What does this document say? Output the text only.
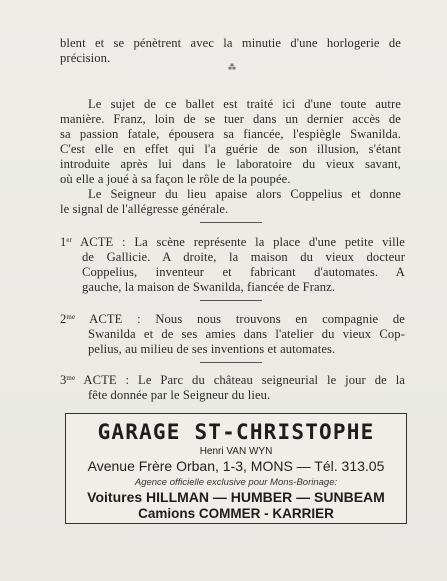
blent et se pénètrent avec la minutie d'une horlogerie de
précision.
⁂
Le sujet de ce ballet est traité ici d'une toute autre
manière. Franz, loin de se tuer dans un dernier accès de
sa passion fatale, épousera sa fiancée, l'espiègle Swanilda.
C'est elle en effet qui l'a guérie de son illusion, s'étant
introduite après lui dans le laboratoire du vieux savant,
où elle a joué à sa façon le rôle de la poupée.
Le Seigneur du lieu apaise alors Coppelius et donne
le signal de l'allégresse générale.
1er ACTE : La scène représente la place d'une petite ville
de Gallicie. A droite, la maison du vieux docteur
Coppelius, inventeur et fabricant d'automates. A
gauche, la maison de Swanilda, fiancée de Franz.
$2^{me}$ ACTE : Nous nous trouvons en compagnie de
Swanilda et de ses amies dans l'atelier du vieux Cop-
pelius, au milieu de ses inventions et automates.
$3^{me}$ ACTE : Le Parc du château seigneurial le jour de la
fête donnée par le Seigneur du lieu.
GARAGE ST-CHRISTOPHE
Henri VAN WYN
Avenue Frère Orban, 1-3, MONS — Tél. 313.05
Agence officielle exclusive pour Mons-Borinage:
Voitures HILLMAN — HUMBER — SUNBEAM
Camions COMMER - KARRIER
